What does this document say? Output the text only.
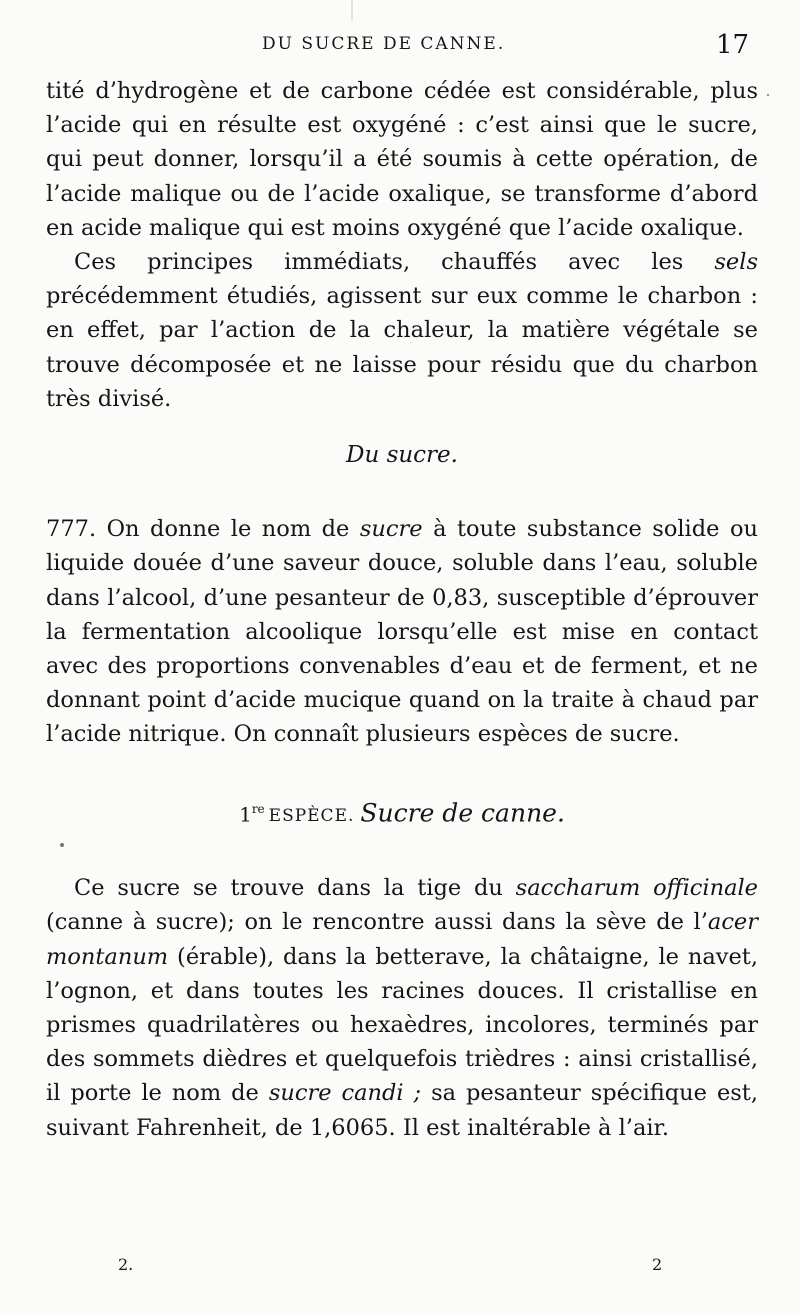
DU SUCRE DE CANNE.	17

tité d’hydrogène et de carbone cédée est considérable, plus l’acide qui en résulte est oxygéné : c’est ainsi que le sucre, qui peut donner, lorsqu’il a été soumis à cette opération, de l’acide malique ou de l’acide oxalique, se transforme d’abord en acide malique qui est moins oxygéné que l’acide oxalique.

Ces principes immédiats, chauffés avec les sels précédemment étudiés, agissent sur eux comme le charbon : en effet, par l’action de la chaleur, la matière végétale se trouve décomposée et ne laisse pour résidu que du charbon très divisé.

Du sucre.

777. On donne le nom de sucre à toute substance solide ou liquide douée d’une saveur douce, soluble dans l’eau, soluble dans l’alcool, d’une pesanteur de 0,83, susceptible d’éprouver la fermentation alcoolique lorsqu’elle est mise en contact avec des proportions convenables d’eau et de ferment, et ne donnant point d’acide mucique quand on la traite à chaud par l’acide nitrique. On connaît plusieurs espèces de sucre.

1re ESPÈCE. Sucre de canne.

Ce sucre se trouve dans la tige du saccharum officinale (canne à sucre); on le rencontre aussi dans la sève de l’acer montanum (érable), dans la betterave, la châtaigne, le navet, l’ognon, et dans toutes les racines douces. Il cristallise en prismes quadrilatères ou hexaèdres, incolores, terminés par des sommets dièdres et quelquefois trièdres : ainsi cristallisé, il porte le nom de sucre candi ; sa pesanteur spécifique est, suivant Fahrenheit, de 1,6065. Il est inaltérable à l’air.

2.	2
